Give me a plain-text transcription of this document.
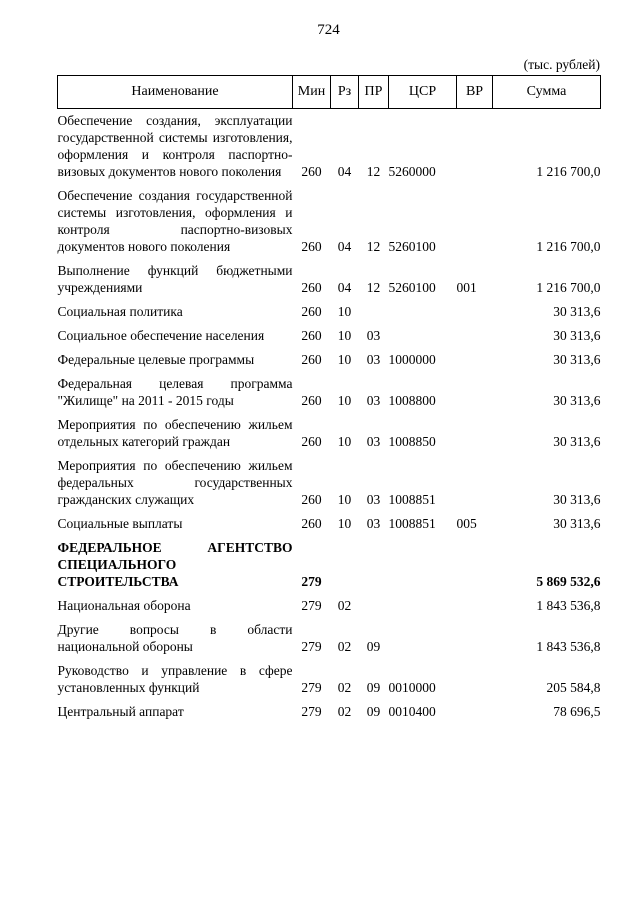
724
(тыс. рублей)
Наименование	Мин	Рз	ПР	ЦСР	ВР	Сумма
Обеспечение создания, эксплуатации государственной системы изготовления, оформления и контроля паспортно-визовых документов нового поколения	260	04	12	5260000		1 216 700,0
Обеспечение создания государственной системы изготовления, оформления и контроля паспортно-визовых документов нового поколения	260	04	12	5260100		1 216 700,0
Выполнение функций бюджетными учреждениями	260	04	12	5260100	001	1 216 700,0
Социальная политика	260	10				30 313,6
Социальное обеспечение населения	260	10	03			30 313,6
Федеральные целевые программы	260	10	03	1000000		30 313,6
Федеральная целевая программа "Жилище" на 2011 - 2015 годы	260	10	03	1008800		30 313,6
Мероприятия по обеспечению жильем отдельных категорий граждан	260	10	03	1008850		30 313,6
Мероприятия по обеспечению жильем федеральных государственных гражданских служащих	260	10	03	1008851		30 313,6
Социальные выплаты	260	10	03	1008851	005	30 313,6
ФЕДЕРАЛЬНОЕ АГЕНТСТВО СПЕЦИАЛЬНОГО СТРОИТЕЛЬСТВА	279					5 869 532,6
Национальная оборона	279	02				1 843 536,8
Другие вопросы в области национальной обороны	279	02	09			1 843 536,8
Руководство и управление в сфере установленных функций	279	02	09	0010000		205 584,8
Центральный аппарат	279	02	09	0010400		78 696,5
